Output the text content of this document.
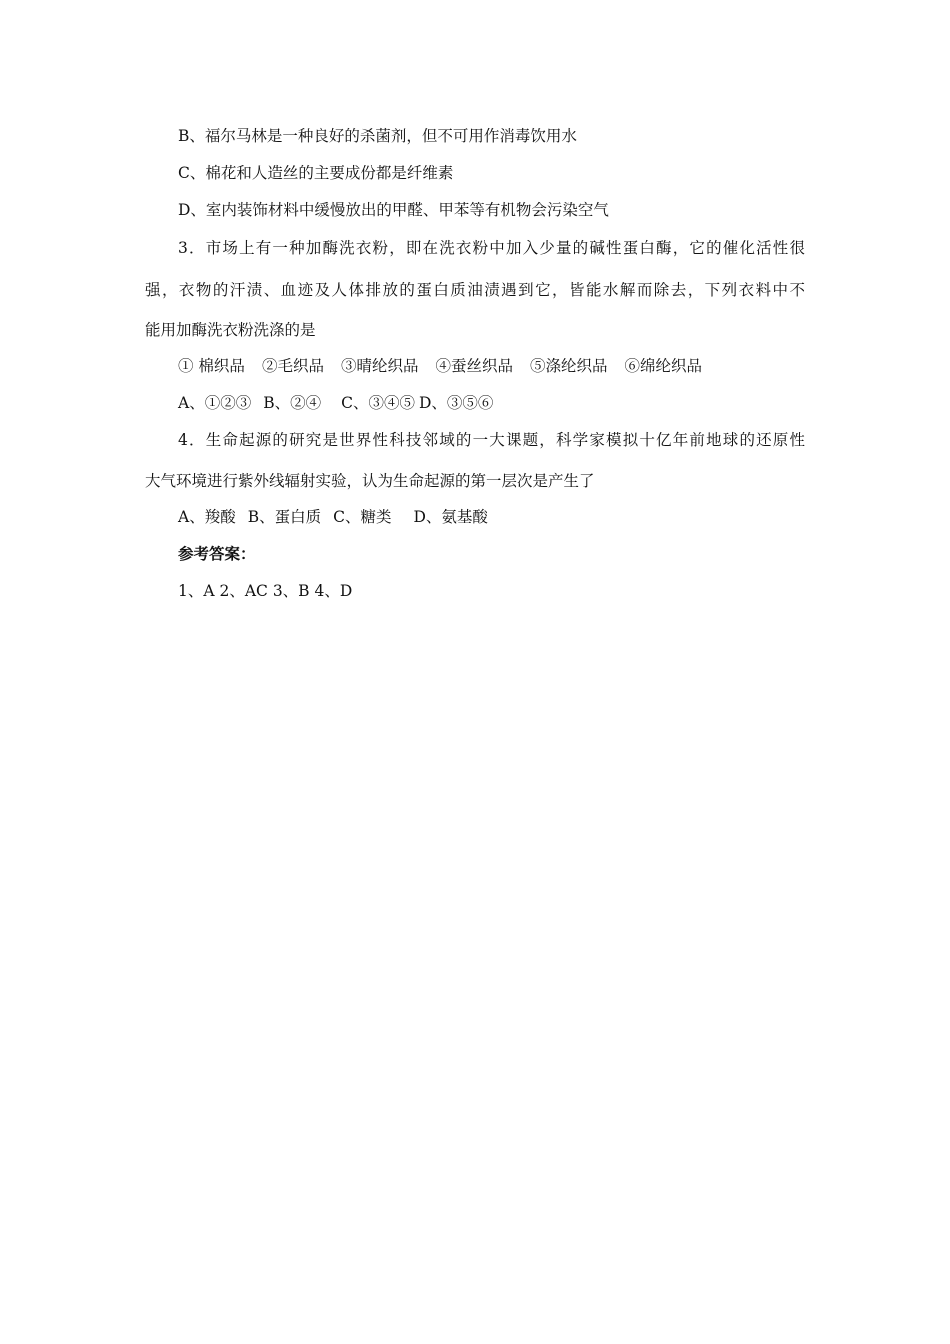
B、福尔马林是一种良好的杀菌剂，但不可用作消毒饮用水
C、棉花和人造丝的主要成份都是纤维素
D、室内装饰材料中缓慢放出的甲醛、甲苯等有机物会污染空气
3．市场上有一种加酶洗衣粉，即在洗衣粉中加入少量的碱性蛋白酶，它的催化活性很
强，衣物的汗渍、血迹及人体排放的蛋白质油渍遇到它，皆能水解而除去，下列衣料中不
能用加酶洗衣粉洗涤的是
① 棉织品 ②毛织品 ③晴纶织品 ④蚕丝织品 ⑤涤纶织品 ⑥绵纶织品
A、①②③ B、②④ C、③④⑤ D、③⑤⑥
4．生命起源的研究是世界性科技邻域的一大课题，科学家模拟十亿年前地球的还原性
大气环境进行紫外线辐射实验，认为生命起源的第一层次是产生了
A、羧酸 B、蛋白质 C、糖类 D、氨基酸
参考答案：
1、A 2、AC 3、B 4、D
